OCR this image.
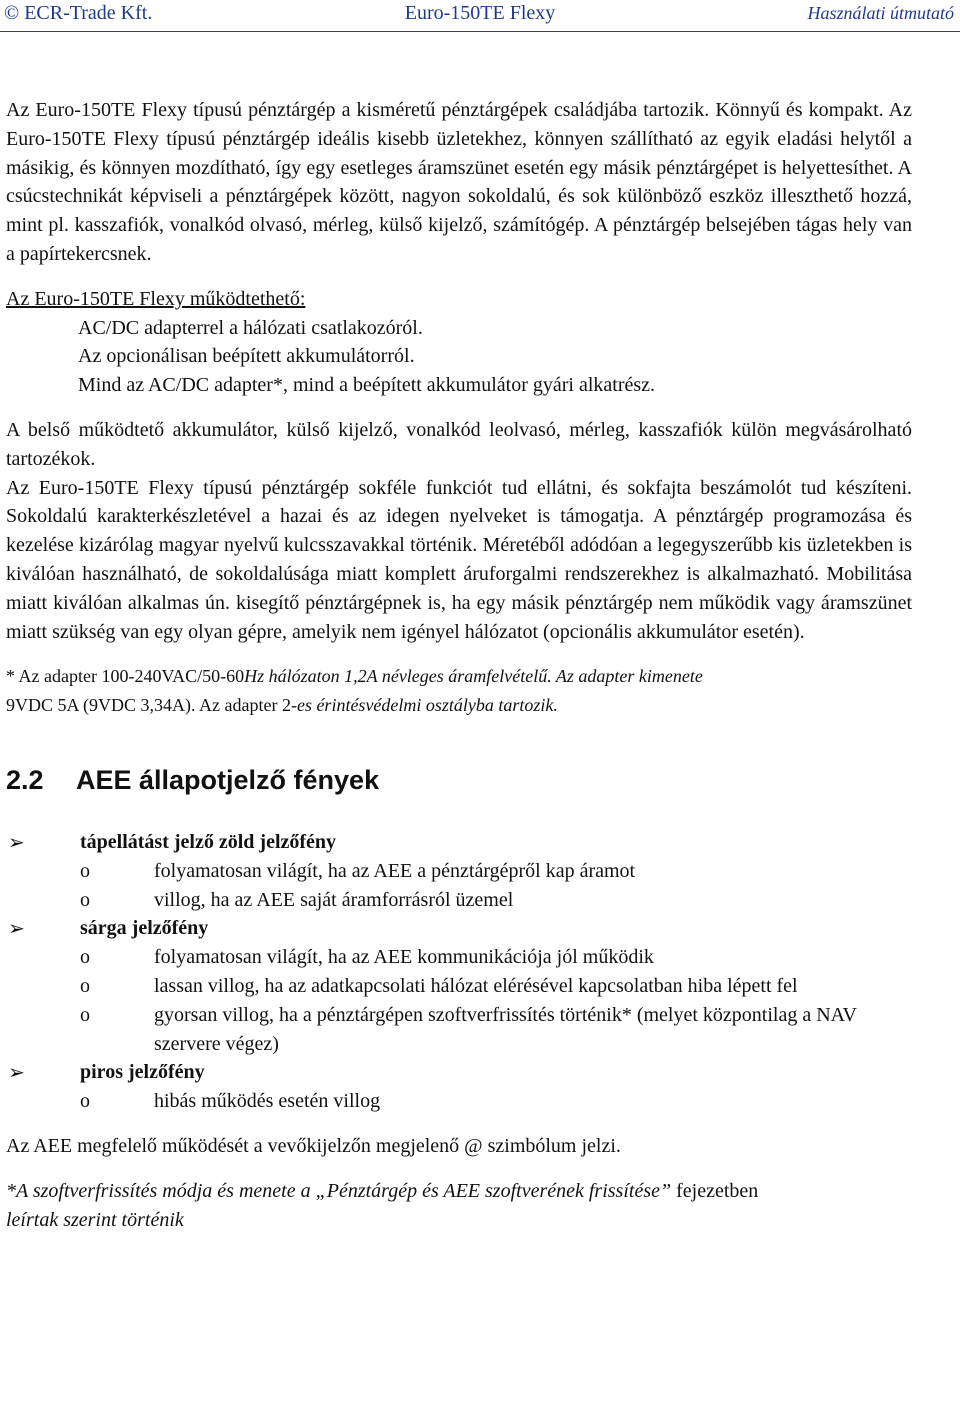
© ECR-Trade Kft.	Euro-150TE Flexy	Használati útmutató

Az Euro-150TE Flexy típusú pénztárgép a kisméretű pénztárgépek családjába tartozik. Könnyű és kompakt. Az Euro-150TE Flexy típusú pénztárgép ideális kisebb üzletekhez, könnyen szállítható az egyik eladási helytől a másikig, és könnyen mozdítható, így egy esetleges áramszünet esetén egy másik pénztárgépet is helyettesíthet. A csúcstechnikát képviseli a pénztárgépek között, nagyon sokoldalú, és sok különböző eszköz illeszthető hozzá, mint pl. kasszafiók, vonalkód olvasó, mérleg, külső kijelző, számítógép. A pénztárgép belsejében tágas hely van a papírtekercsnek.

Az Euro-150TE Flexy működtethető:

AC/DC adapterrel a hálózati csatlakozóról.

Az opcionálisan beépített akkumulátorról.

Mind az AC/DC adapter*, mind a beépített akkumulátor gyári alkatrész.

A belső működtető akkumulátor, külső kijelző, vonalkód leolvasó, mérleg, kasszafiók külön megvásárolható tartozékok.

Az Euro-150TE Flexy típusú pénztárgép sokféle funkciót tud ellátni, és sokfajta beszámolót tud készíteni. Sokoldalú karakterkészletével a hazai és az idegen nyelveket is támogatja. A pénztárgép programozása és kezelése kizárólag magyar nyelvű kulcsszavakkal történik. Méretéből adódóan a legegyszerűbb kis üzletekben is kiválóan használható, de sokoldalúsága miatt komplett áruforgalmi rendszerekhez is alkalmazható. Mobilitása miatt kiválóan alkalmas ún. kisegítő pénztárgépnek is, ha egy másik pénztárgép nem működik vagy áramszünet miatt szükség van egy olyan gépre, amelyik nem igényel hálózatot (opcionális akkumulátor esetén).

* Az adapter 100-240VAC/50-60Hz hálózaton 1,2A névleges áramfelvételű. Az adapter kimenete
9VDC 5A (9VDC 3,34A). Az adapter 2-es érintésvédelmi osztályba tartozik.

2.2 AEE állapotjelző fények
➢	tápellátást jelző zöld jelzőfény
o	folyamatosan világít, ha az AEE a pénztárgépről kap áramot
o	villog, ha az AEE saját áramforrásról üzemel
➢	sárga jelzőfény
o	folyamatosan világít, ha az AEE kommunikációja jól működik
o	lassan villog, ha az adatkapcsolati hálózat elérésével kapcsolatban hiba lépett fel
o	gyorsan villog, ha a pénztárgépen szoftverfrissítés történik* (melyet központilag a NAV szervere végez)
➢	piros jelzőfény
o	hibás működés esetén villog

Az AEE megfelelő működését a vevőkijelzőn megjelenő @ szimbólum jelzi.

*A szoftverfrissítés módja és menete a „Pénztárgép és AEE szoftverének frissítése” fejezetben
leírtak szerint történik
